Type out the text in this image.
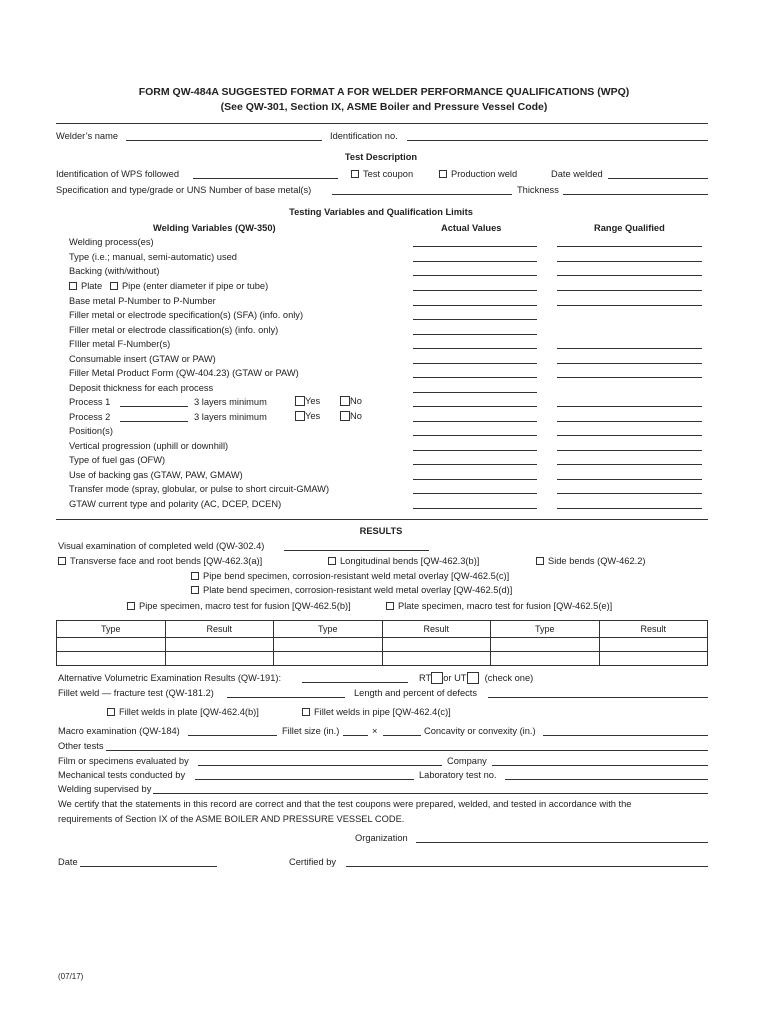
FORM QW-484A SUGGESTED FORMAT A FOR WELDER PERFORMANCE QUALIFICATIONS (WPQ)
(See QW-301, Section IX, ASME Boiler and Pressure Vessel Code)
Welder’s name	Identification no.
Test Description
Identification of WPS followed	Test coupon	Production weld	Date welded
Specification and type/grade or UNS Number of base metal(s)	Thickness
Testing Variables and Qualification Limits
Welding Variables (QW-350)	Actual Values	Range Qualified
Welding process(es)
Type (i.e.; manual, semi-automatic) used
Backing (with/without)
Plate Pipe (enter diameter if pipe or tube)
Base metal P-Number to P-Number
Filler metal or electrode specification(s) (SFA) (info. only)
Filler metal or electrode classification(s) (info. only)
FIller metal F-Number(s)
Consumable insert (GTAW or PAW)
Filler Metal Product Form (QW-404.23) (GTAW or PAW)
Deposit thickness for each process
Process 1	3 layers minimum	Yes	No
Process 2	3 layers minimum	Yes	No
Position(s)
Vertical progression (uphill or downhill)
Type of fuel gas (OFW)
Use of backing gas (GTAW, PAW, GMAW)
Transfer mode (spray, globular, or pulse to short circuit-GMAW)
GTAW current type and polarity (AC, DCEP, DCEN)
RESULTS
Visual examination of completed weld (QW-302.4)
Transverse face and root bends [QW-462.3(a)]	Longitudinal bends [QW-462.3(b)]	Side bends (QW-462.2)
Pipe bend specimen, corrosion-resistant weld metal overlay [QW-462.5(c)]
Plate bend specimen, corrosion-resistant weld metal overlay [QW-462.5(d)]
Pipe specimen, macro test for fusion [QW-462.5(b)]	Plate specimen, macro test for fusion [QW-462.5(e)]
Type	Result	Type	Result	Type	Result

Alternative Volumetric Examination Results (QW-191):	RT or UT (check one)
Fillet weld — fracture test (QW-181.2)	Length and percent of defects
Fillet welds in plate [QW-462.4(b)]	Fillet welds in pipe [QW-462.4(c)]
Macro examination (QW-184)	Fillet size (in.)	×	Concavity or convexity (in.)
Other tests
Film or specimens evaluated by	Company
Mechanical tests conducted by	Laboratory test no.
Welding supervised by
We certify that the statements in this record are correct and that the test coupons were prepared, welded, and tested in accordance with the
requirements of Section IX of the ASME BOILER AND PRESSURE VESSEL CODE.
Organization
Date	Certified by
(07/17)
